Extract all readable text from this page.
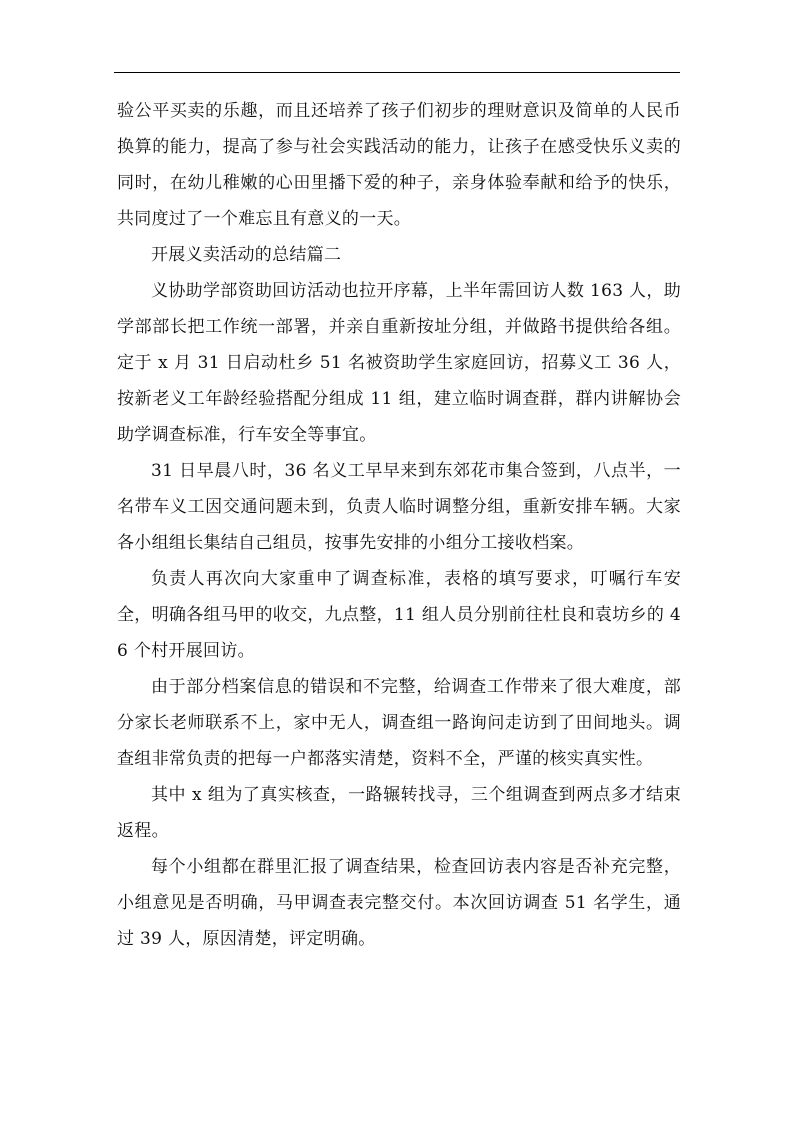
验公平买卖的乐趣，而且还培养了孩子们初步的理财意识及简单的人民币换算的能力，提高了参与社会实践活动的能力，让孩子在感受快乐义卖的同时，在幼儿稚嫩的心田里播下爱的种子，亲身体验奉献和给予的快乐，共同度过了一个难忘且有意义的一天。

开展义卖活动的总结篇二

义协助学部资助回访活动也拉开序幕，上半年需回访人数 163 人，助学部部长把工作统一部署，并亲自重新按址分组，并做路书提供给各组。定于 x 月 31 日启动杜乡 51 名被资助学生家庭回访，招募义工 36 人，按新老义工年龄经验搭配分组成 11 组，建立临时调查群，群内讲解协会助学调查标准，行车安全等事宜。

31 日早晨八时，36 名义工早早来到东郊花市集合签到，八点半，一名带车义工因交通问题未到，负责人临时调整分组，重新安排车辆。大家各小组组长集结自己组员，按事先安排的小组分工接收档案。

负责人再次向大家重申了调查标准，表格的填写要求，叮嘱行车安全，明确各组马甲的收交，九点整，11 组人员分别前往杜良和袁坊乡的 46 个村开展回访。

由于部分档案信息的错误和不完整，给调查工作带来了很大难度，部分家长老师联系不上，家中无人，调查组一路询问走访到了田间地头。调查组非常负责的把每一户都落实清楚，资料不全，严谨的核实真实性。

其中 x 组为了真实核查，一路辗转找寻，三个组调查到两点多才结束返程。

每个小组都在群里汇报了调查结果，检查回访表内容是否补充完整，小组意见是否明确，马甲调查表完整交付。本次回访调查 51 名学生，通过 39 人，原因清楚，评定明确。
